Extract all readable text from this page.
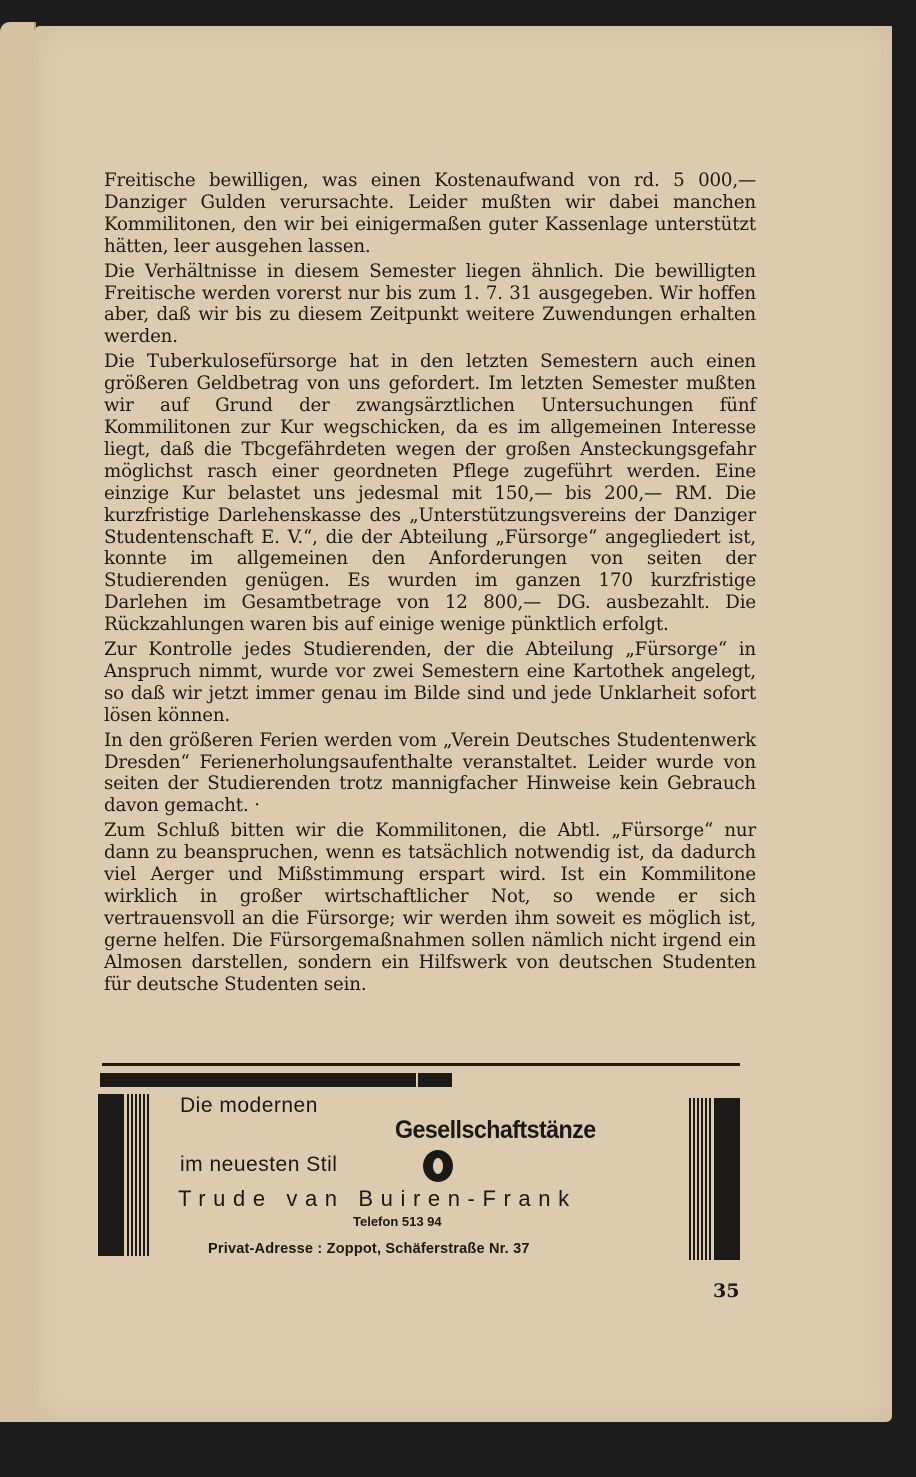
Freitische bewilligen, was einen Kostenaufwand von rd. 5 000,— Danziger Gulden verursachte. Leider mußten wir dabei manchen Kommilitonen, den wir bei einigermaßen guter Kassenlage unterstützt hätten, leer ausgehen lassen.

Die Verhältnisse in diesem Semester liegen ähnlich. Die bewilligten Freitische werden vorerst nur bis zum 1. 7. 31 ausgegeben. Wir hoffen aber, daß wir bis zu diesem Zeitpunkt weitere Zuwendungen erhalten werden.

Die Tuberkulosefürsorge hat in den letzten Semestern auch einen größeren Geldbetrag von uns gefordert. Im letzten Semester mußten wir auf Grund der zwangsärztlichen Untersuchungen fünf Kommilitonen zur Kur wegschicken, da es im allgemeinen Interesse liegt, daß die Tbcgefährdeten wegen der großen Ansteckungsgefahr möglichst rasch einer geordneten Pflege zugeführt werden. Eine einzige Kur belastet uns jedesmal mit 150,— bis 200,— RM. Die kurzfristige Darlehenskasse des „Unterstützungsvereins der Danziger Studentenschaft E. V.“, die der Abteilung „Fürsorge“ angegliedert ist, konnte im allgemeinen den Anforderungen von seiten der Studierenden genügen. Es wurden im ganzen 170 kurzfristige Darlehen im Gesamtbetrage von 12 800,— DG. ausbezahlt. Die Rückzahlungen waren bis auf einige wenige pünktlich erfolgt.

Zur Kontrolle jedes Studierenden, der die Abteilung „Fürsorge“ in Anspruch nimmt, wurde vor zwei Semestern eine Kartothek angelegt, so daß wir jetzt immer genau im Bilde sind und jede Unklarheit sofort lösen können.

In den größeren Ferien werden vom „Verein Deutsches Studentenwerk Dresden“ Ferienerholungsaufenthalte veranstaltet. Leider wurde von seiten der Studierenden trotz mannigfacher Hinweise kein Gebrauch davon gemacht. ·

Zum Schluß bitten wir die Kommilitonen, die Abtl. „Fürsorge“ nur dann zu beanspruchen, wenn es tatsächlich notwendig ist, da dadurch viel Aerger und Mißstimmung erspart wird. Ist ein Kommilitone wirklich in großer wirtschaftlicher Not, so wende er sich vertrauensvoll an die Fürsorge; wir werden ihm soweit es möglich ist, gerne helfen. Die Fürsorgemaßnahmen sollen nämlich nicht irgend ein Almosen darstellen, sondern ein Hilfswerk von deutschen Studenten für deutsche Studenten sein.

Die modernen
Gesellschaftstänze
im neuesten Stil
Trude van Buiren-Frank
Telefon 513 94
Privat-Adresse : Zoppot, Schäferstraße Nr. 37
35
